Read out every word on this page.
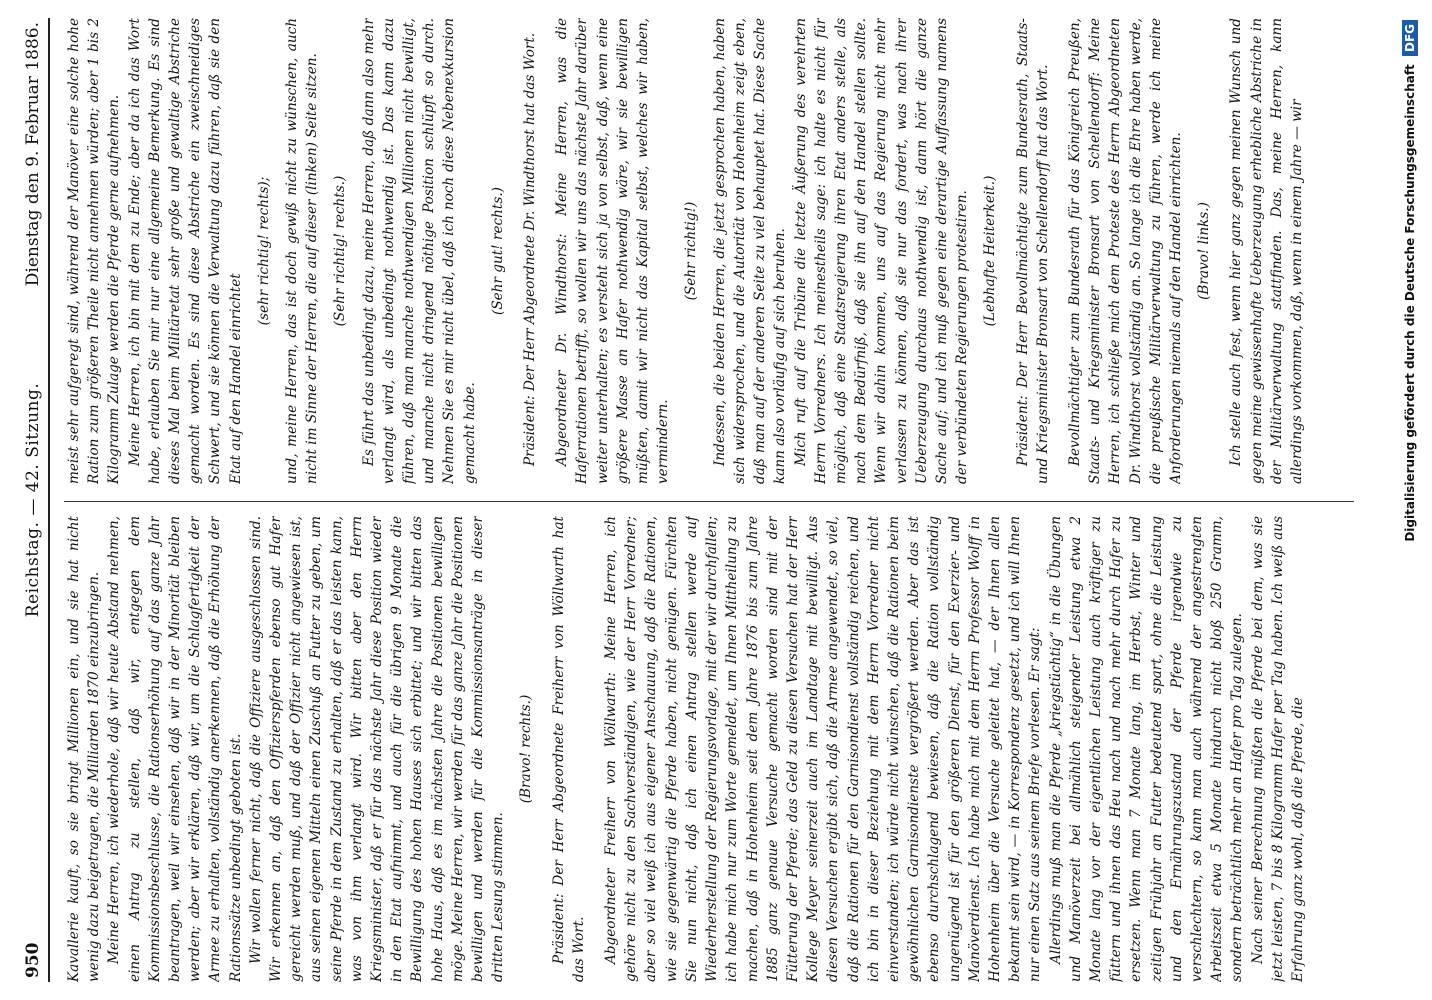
950
Reichstag. — 42. Sitzung.
Dienstag den 9. Februar 1886.

Kavallerie kauft, so sie bringt Millionen ein, und sie hat nicht wenig dazu beigetragen, die Milliarden 1870 einzubringen. Meine Herren, ich wiederhole, daß wir heute Abstand nehmen, einen Antrag zu stellen, daß wir, entgegen dem Kommissionsbeschlusse, die Rationserhöhung auf das ganze Jahr beantragen, weil wir einsehen, daß wir in der Minorität bleiben werden; aber wir erklären, daß wir, um die Schlagfertigkeit der Armee zu erhalten, vollständig anerkennen, daß die Erhöhung der Rationssätze unbedingt geboten ist. Wir wollen ferner nicht, daß die Offiziere ausgeschlossen sind. Wir erkennen an, daß den Offizierspferden ebenso gut Hafer gereicht werden muß, und daß der Offizier nicht angewiesen ist, aus seinen eigenen Mitteln einen Zuschuß an Futter zu geben, um seine Pferde in dem Zustand zu erhalten, daß er das leisten kann, was von ihm verlangt wird. Wir bitten aber den Herrn Kriegsminister, daß er für das nächste Jahr diese Position wieder in den Etat aufnimmt, und auch für die übrigen 9 Monate die Bewilligung des hohen Hauses sich erbittet; und wir bitten das hohe Haus, daß es im nächsten Jahre die Positionen bewilligen möge. Meine Herren, wir werden für das ganze Jahr die Positionen bewilligen und werden für die Kommissionsanträge in dieser dritten Lesung stimmen.

(Bravo! rechts.) Präsident: Der Herr Abgeordnete Freiherr von Wöllwarth hat das Wort. Abgeordneter Freiherr von Wöllwarth: Meine Herren, ich gehöre nicht zu den Sachverständigen, wie der Herr Vorredner; aber so viel weiß ich aus eigener Anschauung, daß die Rationen, wie sie gegenwärtig die Pferde haben, nicht genügen. Fürchten Sie nun nicht, daß ich einen Antrag stellen werde auf Wiederherstellung der Regierungsvorlage, mit der wir durchfallen; ich habe mich nur zum Worte gemeldet, um Ihnen Mittheilung zu machen, daß in Hohenheim seit dem Jahre 1876 bis zum Jahre 1885 ganz genaue Versuche gemacht worden sind mit der Fütterung der Pferde; das Geld zu diesen Versuchen hat der Herr Kollege Meyer seinerzeit auch im Landtage mit bewilligt. Aus diesen Versuchen ergibt sich, daß die Armee angewendet, so viel, daß die Rationen für den Garnisondienst vollständig reichen, und ich bin in dieser Beziehung mit dem Herrn Vorredner nicht einverstanden; ich würde nicht wünschen, daß die Rationen beim gewöhnlichen Garnisondienste vergrößert werden. Aber das ist ebenso durchschlagend bewiesen, daß die Ration vollständig ungenügend ist für den größeren Dienst, für den Exerzier- und Manöverdienst. Ich habe mich mit dem Herrn Professor Wolff in Hohenheim über die Versuche geleitet hat, — der Ihnen allen bekannt sein wird, — in Korrespondenz gesetzt, und ich will Ihnen nur einen Satz aus seinem Briefe vorlesen. Er sagt: Allerdings muß man die Pferde „kriegstüchtig“ in die Übungen und Manöverzeit bei allmählich steigender Leistung etwa 2 Monate lang vor der eigentlichen Leistung auch kräftiger zu füttern und ihnen das Heu nach und nach mehr durch Hafer zu ersetzen. Wenn man 7 Monate lang, im Herbst, Winter und zeitigen Frühjahr an Futter bedeutend spart, ohne die Leistung und den Ernährungszustand der Pferde irgendwie zu verschlechtern, so kann man auch während der angestrengten Arbeitszeit etwa 5 Monate hindurch nicht bloß 250 Gramm, sondern beträchtlich mehr an Hafer pro Tag zulegen. Nach seiner Berechnung müßten die Pferde bei dem, was sie jetzt leisten, 7 bis 8 Kilogramm Hafer per Tag haben. Ich weiß aus Erfahrung ganz wohl, daß die Pferde, die

meist sehr aufgeregt sind, während der Manöver eine solche hohe Ration zum größeren Theile nicht annehmen würden; aber 1 bis 2 Kilogramm Zulage werden die Pferde gerne aufnehmen. Meine Herren, ich bin mit dem zu Ende; aber da ich das Wort habe, erlauben Sie mir nur eine allgemeine Bemerkung. Es sind dieses Mal beim Militäretat sehr große und gewaltige Abstriche gemacht worden. Es sind diese Abstriche ein zweischneidiges Schwert, und sie können die Verwaltung dazu führen, daß sie den Etat auf den Handel einrichtet

(sehr richtig! rechts); und, meine Herren, das ist doch gewiß nicht zu wünschen, auch nicht im Sinne der Herren, die auf dieser (linken) Seite sitzen. (Sehr richtig! rechts.) Es führt das unbedingt dazu, meine Herren, daß dann also mehr verlangt wird, als unbedingt nothwendig ist. Das kann dazu führen, daß man manche nothwendigen Millionen nicht bewilligt, und manche nicht dringend nöthige Position schlüpft so durch. Nehmen Sie es mir nicht übel, daß ich noch diese Nebenexkursion gemacht habe.

(Sehr gut! rechts.) Präsident: Der Herr Abgeordnete Dr. Windthorst hat das Wort. Abgeordneter Dr. Windthorst: Meine Herren, was die Haferrationen betrifft, so wollen wir uns das nächste Jahr darüber weiter unterhalten; es versteht sich ja von selbst, daß, wenn eine größere Masse an Hafer nothwendig wäre, wir sie bewilligen müßten, damit wir nicht das Kapital selbst, welches wir haben, vermindern.

(Sehr richtig!) Indessen, die beiden Herren, die jetzt gesprochen haben, haben sich widersprochen, und die Autorität von Hohenheim zeigt eben, daß man auf der anderen Seite zu viel behauptet hat. Diese Sache kann also vorläufig auf sich beruhen. Mich ruft auf die Tribüne die letzte Äußerung des verehrten Herrn Vorredners. Ich meinestheils sage: ich halte es nicht für möglich, daß eine Staatsregierung ihren Etat anders stelle, als nach dem Bedürfniß, daß sie ihn auf den Handel stellen sollte. Wenn wir dahin kommen, uns auf das Regierung nicht mehr verlassen zu können, daß sie nur das fordert, was nach ihrer Ueberzeugung durchaus nothwendig ist, dann hört die ganze Sache auf; und ich muß gegen eine derartige Auffassung namens der verbündeten Regierungen protestiren. (Lebhafte Heiterkeit.) Präsident: Der Herr Bevollmächtigte zum Bundesrath, Staats- und Kriegsminister Bronsart von Schellendorff hat das Wort. Bevollmächtigter zum Bundesrath für das Königreich Preußen, Staats- und Kriegsminister Bronsart von Schellendorff: Meine Herren, ich schließe mich dem Proteste des Herrn Abgeordneten Dr. Windthorst vollständig an. So lange ich die Ehre haben werde, die preußische Militärverwaltung zu führen, werde ich meine Anforderungen niemals auf den Handel einrichten. (Bravo! links.) Ich stelle auch fest, wenn hier ganz gegen meinen Wunsch und gegen meine gewissenhafte Ueberzeugung erhebliche Abstriche in der Militärverwaltung stattfinden. Das, meine Herren, kann allerdings vorkommen, daß, wenn in einem Jahre — wir	Digitalisierung gefördert durch die Deutsche Forschungsgemeinschaft DFG
